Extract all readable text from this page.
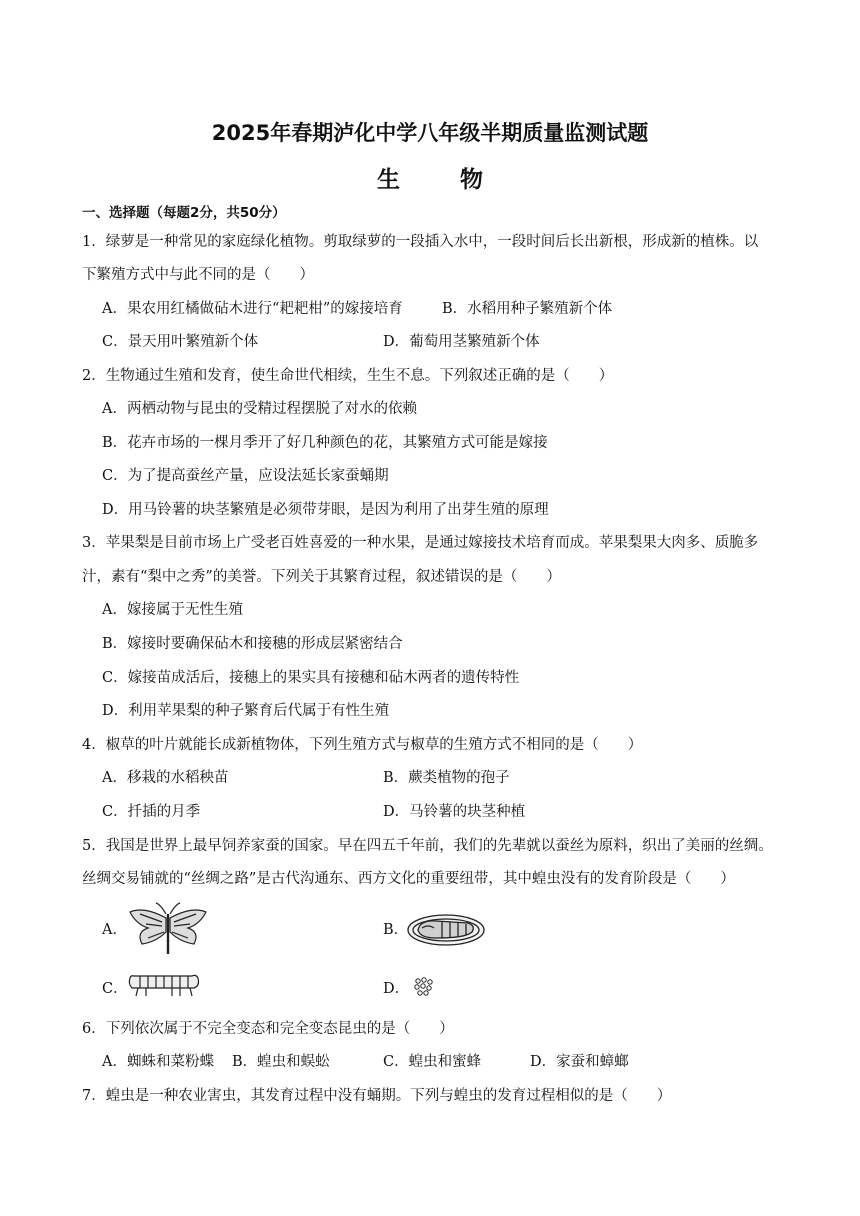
2025年春期泸化中学八年级半期质量监测试题
生 物
一、选择题（每题2分，共50分）
1．绿萝是一种常见的家庭绿化植物。剪取绿萝的一段插入水中，一段时间后长出新根，形成新的植株。以
下繁殖方式中与此不同的是（　　）
A．果农用红橘做砧木进行“耙耙柑”的嫁接培育	B．水稻用种子繁殖新个体
C．景天用叶繁殖新个体	D．葡萄用茎繁殖新个体
2．生物通过生殖和发育，使生命世代相续，生生不息。下列叙述正确的是（　　）
A．两栖动物与昆虫的受精过程摆脱了对水的依赖
B．花卉市场的一棵月季开了好几种颜色的花，其繁殖方式可能是嫁接
C．为了提高蚕丝产量，应设法延长家蚕蛹期
D．用马铃薯的块茎繁殖是必须带芽眼，是因为利用了出芽生殖的原理
3．苹果梨是目前市场上广受老百姓喜爱的一种水果，是通过嫁接技术培育而成。苹果梨果大肉多、质脆多
汁，素有“梨中之秀”的美誉。下列关于其繁育过程，叙述错误的是（　　）
A．嫁接属于无性生殖
B．嫁接时要确保砧木和接穗的形成层紧密结合
C．嫁接苗成活后，接穗上的果实具有接穗和砧木两者的遗传特性
D．利用苹果梨的种子繁育后代属于有性生殖
4．椒草的叶片就能长成新植物体，下列生殖方式与椒草的生殖方式不相同的是（　　）
A．移栽的水稻秧苗	B．蕨类植物的孢子
C．扦插的月季	D．马铃薯的块茎种植
5．我国是世界上最早饲养家蚕的国家。早在四五千年前，我们的先辈就以蚕丝为原料，织出了美丽的丝绸。
丝绸交易铺就的“丝绸之路”是古代沟通东、西方文化的重要纽带，其中蝗虫没有的发育阶段是（　　）
A．	B．
C．	D．
6．下列依次属于不完全变态和完全变态昆虫的是（　　）
A．蜘蛛和菜粉蝶 B．蝗虫和蜈蚣	C．蝗虫和蜜蜂	D．家蚕和蟑螂
7．蝗虫是一种农业害虫，其发育过程中没有蛹期。下列与蝗虫的发育过程相似的是（　　）
